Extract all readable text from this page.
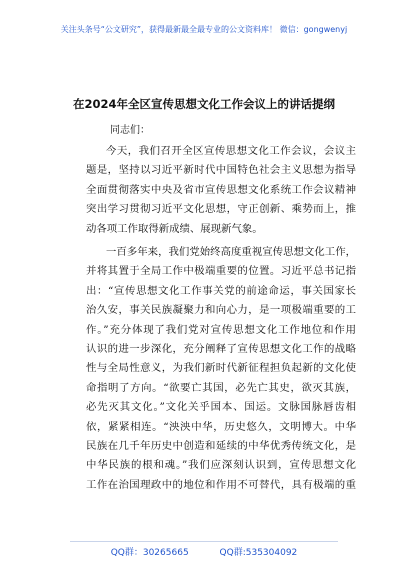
关注头条号“公文研究”，获得最新最全最专业的公文资料库！ 微信：gongwenyj
在2024年全区宣传思想文化工作会议上的讲话提纲
同志们：
今天，我们召开全区宣传思想文化工作会议，会议主
题是，坚持以习近平新时代中国特色社会主义思想为指导
全面贯彻落实中央及省市宣传思想文化系统工作会议精神
突出学习贯彻习近平文化思想，守正创新、乘势而上，推
动各项工作取得新成绩、展现新气象。
一百多年来，我们党始终高度重视宣传思想文化工作，
并将其置于全局工作中极端重要的位置。习近平总书记指
出：“宣传思想文化工作事关党的前途命运，事关国家长
治久安，事关民族凝聚力和向心力，是一项极端重要的工
作。”充分体现了我们党对宣传思想文化工作地位和作用
认识的进一步深化，充分阐释了宣传思想文化工作的战略
性与全局性意义，为我们新时代新征程担负起新的文化使
命指明了方向。“欲要亡其国，必先亡其史，欲灭其族，
必先灭其文化。”文化关乎国本、国运。文脉国脉唇齿相
依，紧紧相连。“泱泱中华，历史悠久，文明博大。中华
民族在几千年历史中创造和延续的中华优秀传统文化，是
中华民族的根和魂。”我们应深刻认识到，宣传思想文化
工作在治国理政中的地位和作用不可替代，具有极端的重
QQ群：30265665	QQ群:535304092
